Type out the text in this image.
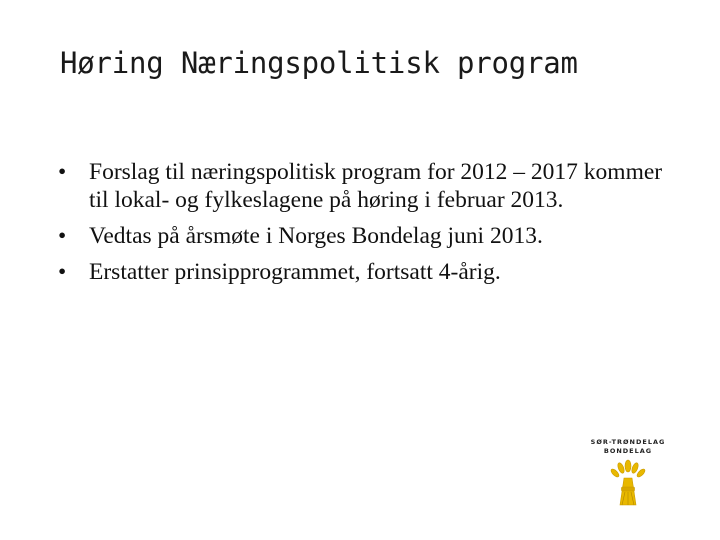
Høring Næringspolitisk program
• Forslag til næringspolitisk program for 2012 – 2017 kommer til lokal- og fylkeslagene på høring i februar 2013.
• Vedtas på årsmøte i Norges Bondelag juni 2013.
• Erstatter prinsipprogrammet, fortsatt 4-årig.
SØR-TRØNDELAG
BONDELAG
